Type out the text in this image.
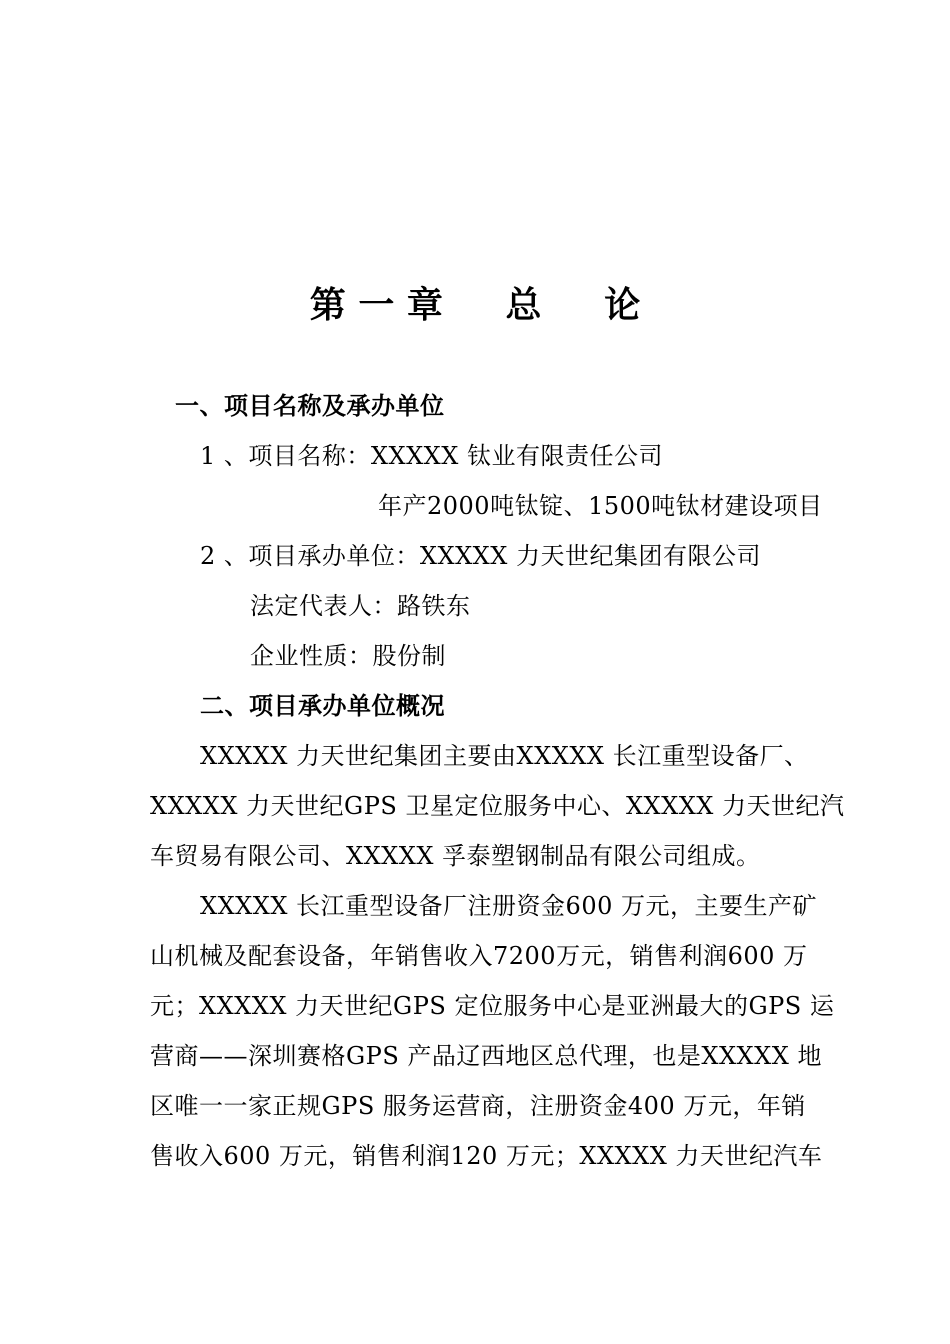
第 一 章     总     论
一、项目名称及承办单位
1 、项目名称：XXXXX 钛业有限责任公司
年产2000吨钛锭、1500吨钛材建设项目
2 、项目承办单位：XXXXX 力天世纪集团有限公司
法定代表人：路铁东
企业性质：股份制
二、项目承办单位概况
XXXXX 力天世纪集团主要由XXXXX 长江重型设备厂、
XXXXX 力天世纪GPS 卫星定位服务中心、XXXXX 力天世纪汽
车贸易有限公司、XXXXX 孚泰塑钢制品有限公司组成。
XXXXX 长江重型设备厂注册资金600 万元，主要生产矿
山机械及配套设备，年销售收入7200万元，销售利润600 万
元；XXXXX 力天世纪GPS 定位服务中心是亚洲最大的GPS 运
营商——深圳赛格GPS 产品辽西地区总代理，也是XXXXX 地
区唯一一家正规GPS 服务运营商，注册资金400 万元，年销
售收入600 万元，销售利润120 万元；XXXXX 力天世纪汽车
